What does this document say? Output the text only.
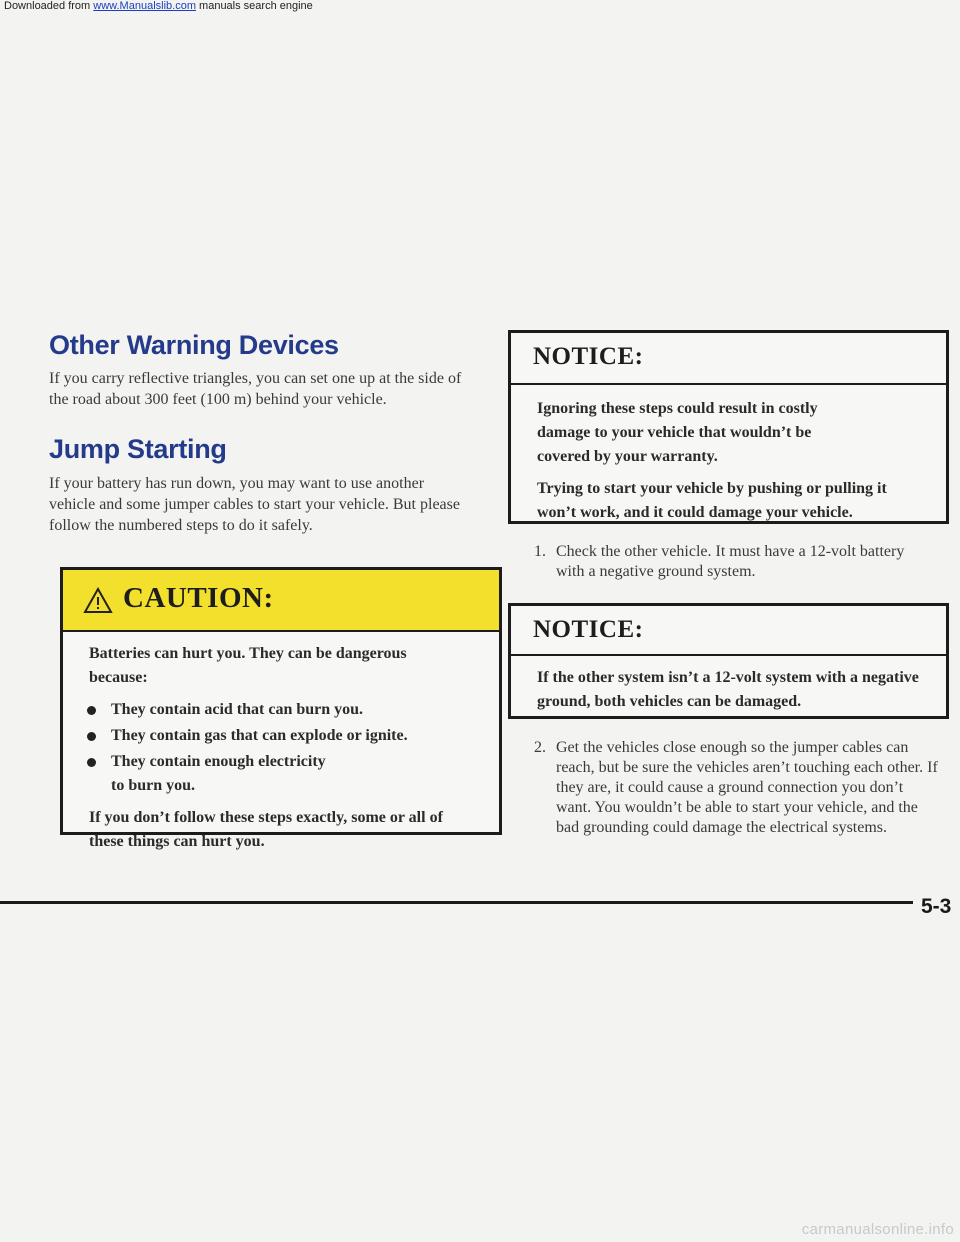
Downloaded from www.Manualslib.com manuals search engine
Other Warning Devices

If you carry reflective triangles, you can set one up at the side of the road about 300 feet (100 m) behind your vehicle.

Jump Starting

If your battery has run down, you may want to use another vehicle and some jumper cables to start your vehicle. But please follow the numbered steps to do it safely.

CAUTION:

Batteries can hurt you. They can be dangerous because:

They contain acid that can burn you.
They contain gas that can explode or ignite.
They contain enough electricity to burn you.

If you don’t follow these steps exactly, some or all of these things can hurt you.

NOTICE:

Ignoring these steps could result in costly damage to your vehicle that wouldn’t be covered by your warranty.

Trying to start your vehicle by pushing or pulling it won’t work, and it could damage your vehicle.

1. Check the other vehicle. It must have a 12-volt battery with a negative ground system.
NOTICE:

If the other system isn’t a 12-volt system with a negative ground, both vehicles can be damaged.

2. Get the vehicles close enough so the jumper cables can reach, but be sure the vehicles aren’t touching each other. If they are, it could cause a ground connection you don’t want. You wouldn’t be able to start your vehicle, and the bad grounding could damage the electrical systems.
5-3
carmanualsonline.info
